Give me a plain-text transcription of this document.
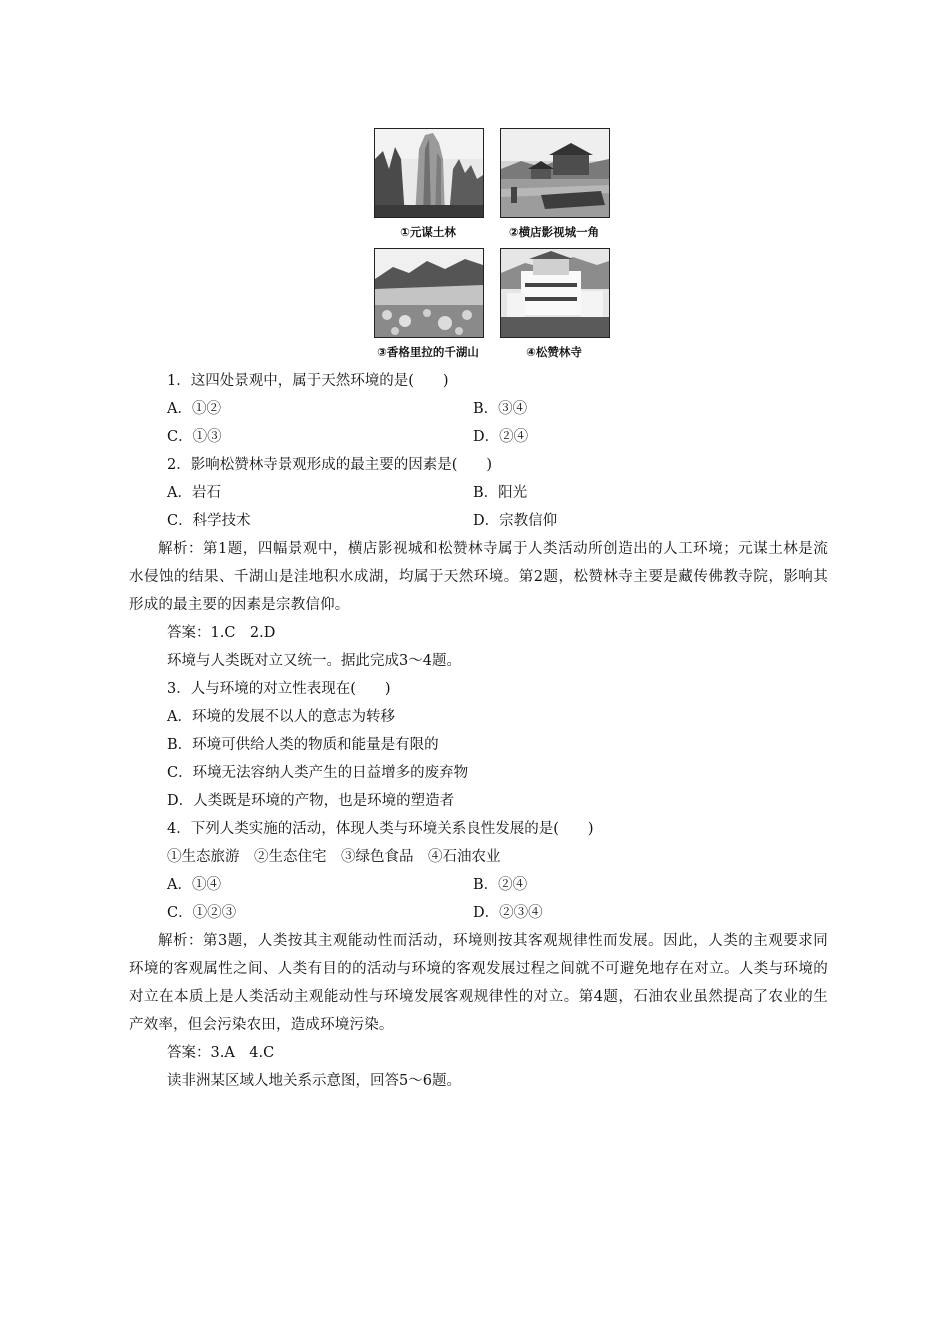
①元谋土林	②横店影视城一角
③香格里拉的千湖山	④松赞林寺
1．这四处景观中，属于天然环境的是(　　)
A．①②	B．③④
C．①③	D．②④
2．影响松赞林寺景观形成的最主要的因素是(　　)
A．岩石	B．阳光
C．科学技术	D．宗教信仰
解析：第1题，四幅景观中，横店影视城和松赞林寺属于人类活动所创造出的人工环境；元谋土林是流水侵蚀的结果、千湖山是洼地积水成湖，均属于天然环境。第2题，松赞林寺主要是藏传佛教寺院，影响其形成的最主要的因素是宗教信仰。
答案：1.C　2.D
环境与人类既对立又统一。据此完成3～4题。
3．人与环境的对立性表现在(　　)
A．环境的发展不以人的意志为转移
B．环境可供给人类的物质和能量是有限的
C．环境无法容纳人类产生的日益增多的废弃物
D．人类既是环境的产物，也是环境的塑造者
4．下列人类实施的活动，体现人类与环境关系良性发展的是(　　)
①生态旅游　②生态住宅　③绿色食品　④石油农业
A．①④	B．②④
C．①②③	D．②③④
解析：第3题，人类按其主观能动性而活动，环境则按其客观规律性而发展。因此，人类的主观要求同环境的客观属性之间、人类有目的的活动与环境的客观发展过程之间就不可避免地存在对立。人类与环境的对立在本质上是人类活动主观能动性与环境发展客观规律性的对立。第4题，石油农业虽然提高了农业的生产效率，但会污染农田，造成环境污染。
答案：3.A　4.C
读非洲某区域人地关系示意图，回答5～6题。
